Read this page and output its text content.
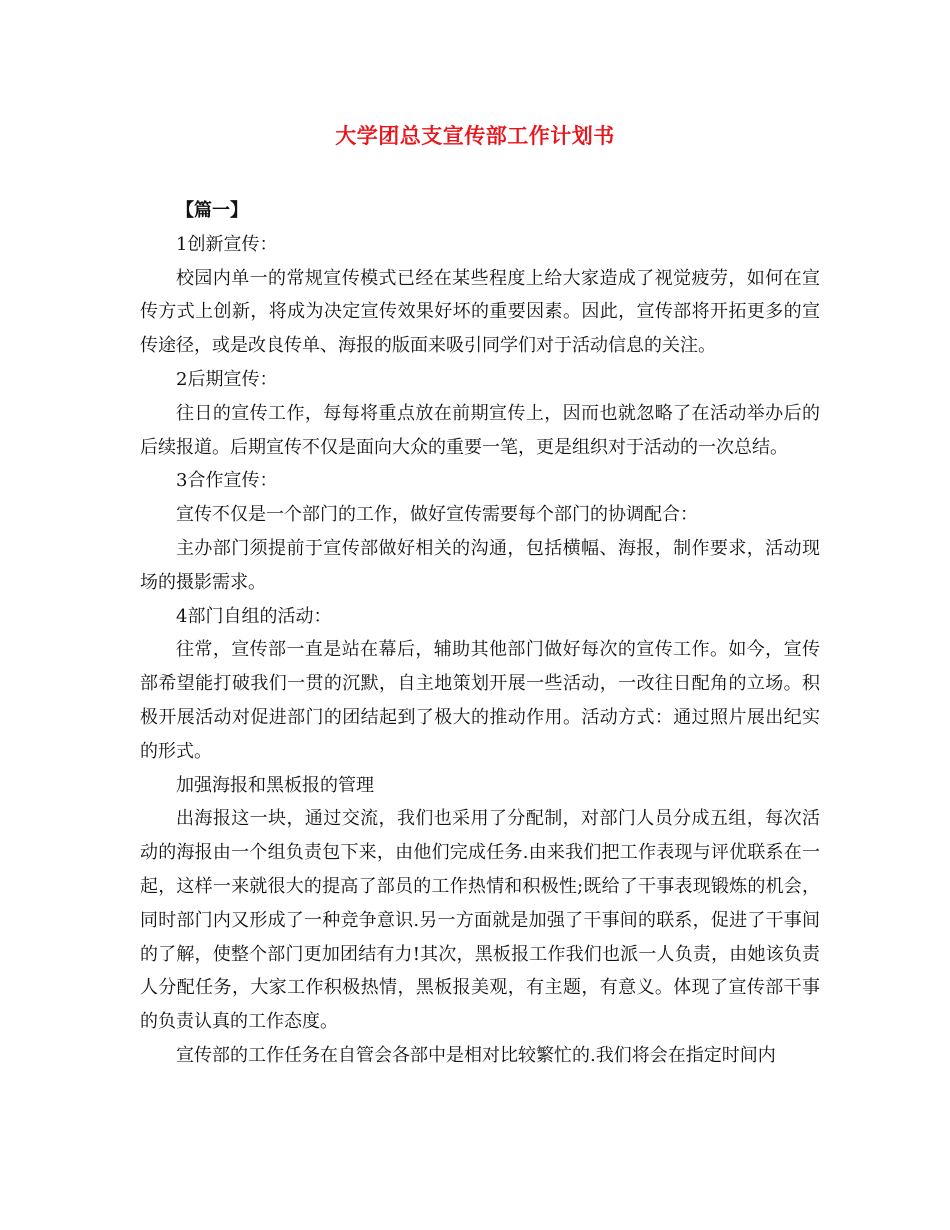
大学团总支宣传部工作计划书

【篇一】

1创新宣传：

校园内单一的常规宣传模式已经在某些程度上给大家造成了视觉疲劳，如何在宣传方式上创新，将成为决定宣传效果好坏的重要因素。因此，宣传部将开拓更多的宣传途径，或是改良传单、海报的版面来吸引同学们对于活动信息的关注。

2后期宣传：

往日的宣传工作，每每将重点放在前期宣传上，因而也就忽略了在活动举办后的后续报道。后期宣传不仅是面向大众的重要一笔，更是组织对于活动的一次总结。

3合作宣传：

宣传不仅是一个部门的工作，做好宣传需要每个部门的协调配合：

主办部门须提前于宣传部做好相关的沟通，包括横幅、海报，制作要求，活动现场的摄影需求。

4部门自组的活动：

往常，宣传部一直是站在幕后，辅助其他部门做好每次的宣传工作。如今，宣传部希望能打破我们一贯的沉默，自主地策划开展一些活动，一改往日配角的立场。积极开展活动对促进部门的团结起到了极大的推动作用。活动方式：通过照片展出纪实的形式。

加强海报和黑板报的管理

出海报这一块，通过交流，我们也采用了分配制，对部门人员分成五组，每次活动的海报由一个组负责包下来，由他们完成任务.由来我们把工作表现与评优联系在一起，这样一来就很大的提高了部员的工作热情和积极性;既给了干事表现锻炼的机会，同时部门内又形成了一种竞争意识.另一方面就是加强了干事间的联系，促进了干事间的了解，使整个部门更加团结有力!其次，黑板报工作我们也派一人负责，由她该负责人分配任务，大家工作积极热情，黑板报美观，有主题，有意义。体现了宣传部干事的负责认真的工作态度。

宣传部的工作任务在自管会各部中是相对比较繁忙的.我们将会在指定时间内
